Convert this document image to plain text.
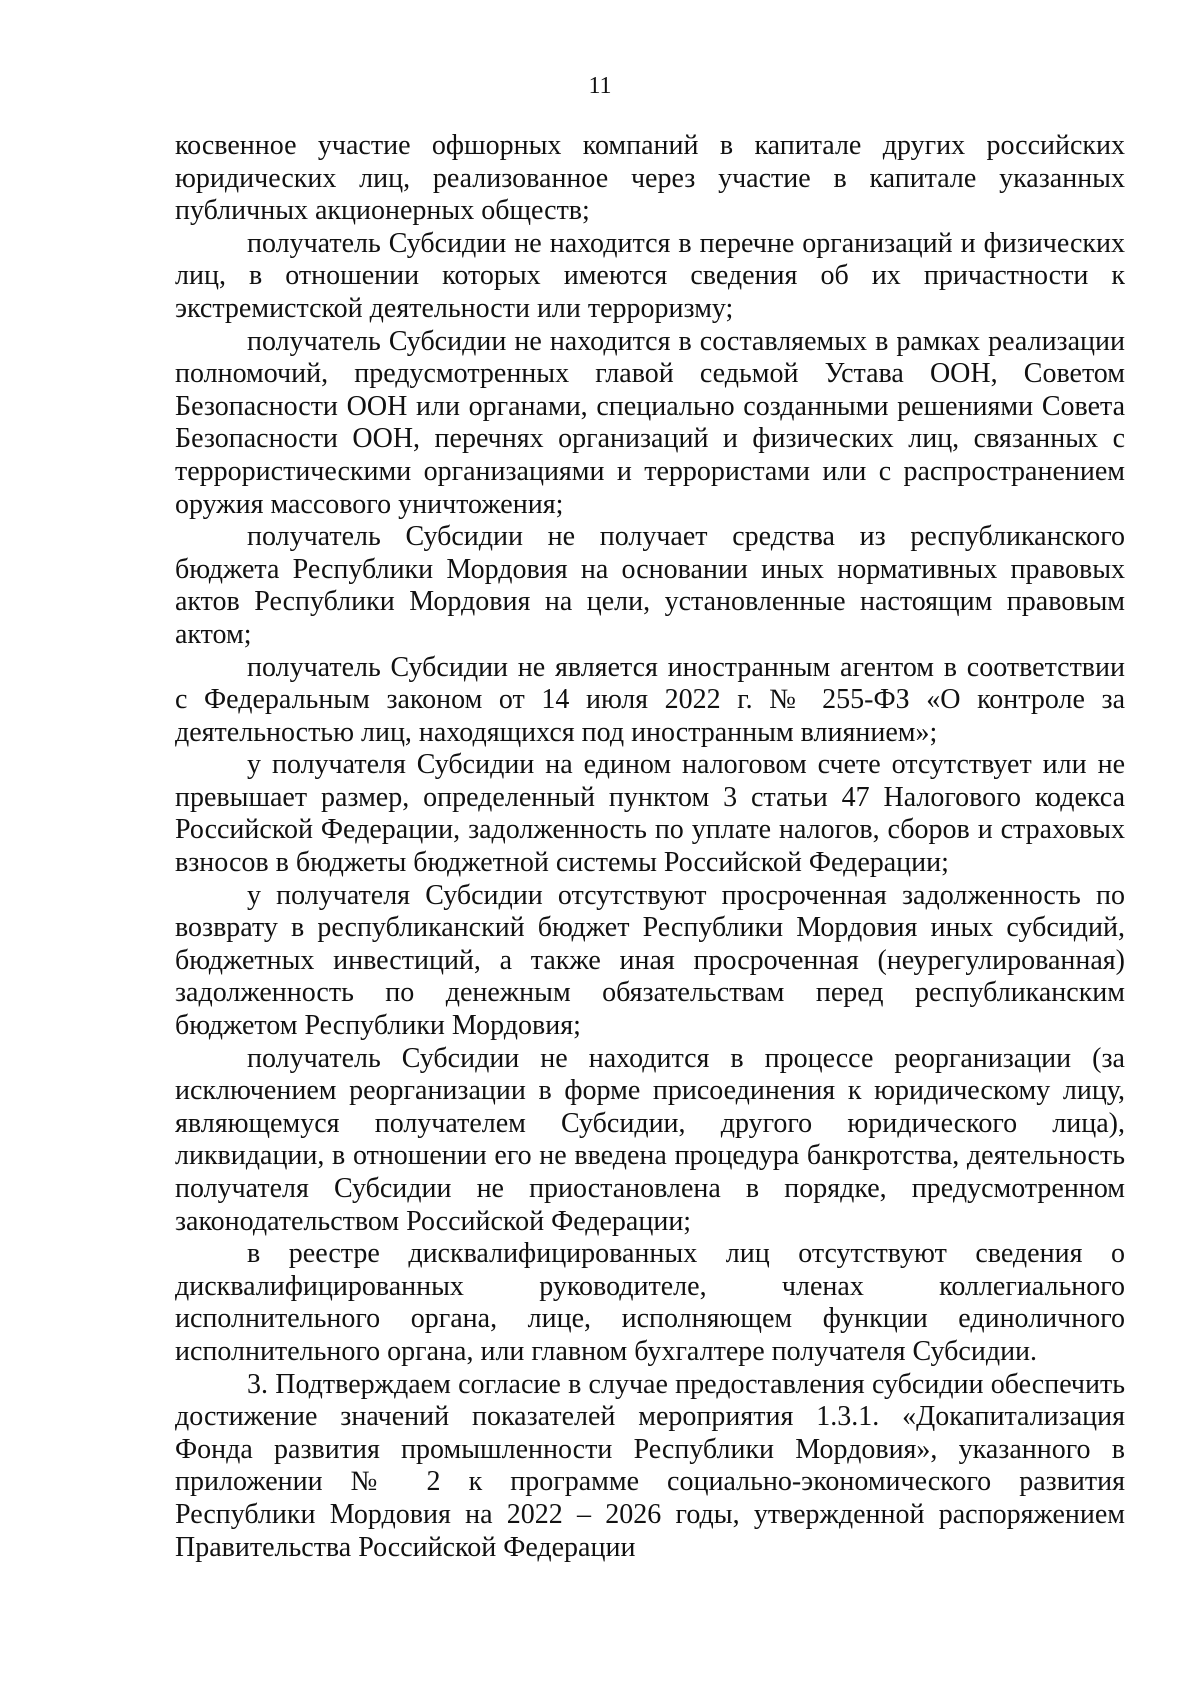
11

косвенное участие офшорных компаний в капитале других российских юридических лиц, реализованное через участие в капитале указанных публичных акционерных обществ;

получатель Субсидии не находится в перечне организаций и физических лиц, в отношении которых имеются сведения об их причастности к экстремистской деятельности или терроризму;

получатель Субсидии не находится в составляемых в рамках реализации полномочий, предусмотренных главой седьмой Устава ООН, Советом Безопасности ООН или органами, специально созданными решениями Совета Безопасности ООН, перечнях организаций и физических лиц, связанных с террористическими организациями и террористами или с распространением оружия массового уничтожения;

получатель Субсидии не получает средства из республиканского бюджета Республики Мордовия на основании иных нормативных правовых актов Республики Мордовия на цели, установленные настоящим правовым актом;

получатель Субсидии не является иностранным агентом в соответствии с Федеральным законом от 14 июля 2022 г. № 255-ФЗ «О контроле за деятельностью лиц, находящихся под иностранным влиянием»;

у получателя Субсидии на едином налоговом счете отсутствует или не превышает размер, определенный пунктом 3 статьи 47 Налогового кодекса Российской Федерации, задолженность по уплате налогов, сборов и страховых взносов в бюджеты бюджетной системы Российской Федерации;

у получателя Субсидии отсутствуют просроченная задолженность по возврату в республиканский бюджет Республики Мордовия иных субсидий, бюджетных инвестиций, а также иная просроченная (неурегулированная) задолженность по денежным обязательствам перед республиканским бюджетом Республики Мордовия;

получатель Субсидии не находится в процессе реорганизации (за исключением реорганизации в форме присоединения к юридическому лицу, являющемуся получателем Субсидии, другого юридического лица), ликвидации, в отношении его не введена процедура банкротства, деятельность получателя Субсидии не приостановлена в порядке, предусмотренном законодательством Российской Федерации;

в реестре дисквалифицированных лиц отсутствуют сведения о дисквалифицированных руководителе, членах коллегиального исполнительного органа, лице, исполняющем функции единоличного исполнительного органа, или главном бухгалтере получателя Субсидии.

3. Подтверждаем согласие в случае предоставления субсидии обеспечить достижение значений показателей мероприятия 1.3.1. «Докапитализация Фонда развития промышленности Республики Мордовия», указанного в приложении № 2 к программе социально-экономического развития Республики Мордовия на 2022 – 2026 годы, утвержденной распоряжением Правительства Российской Федерации
